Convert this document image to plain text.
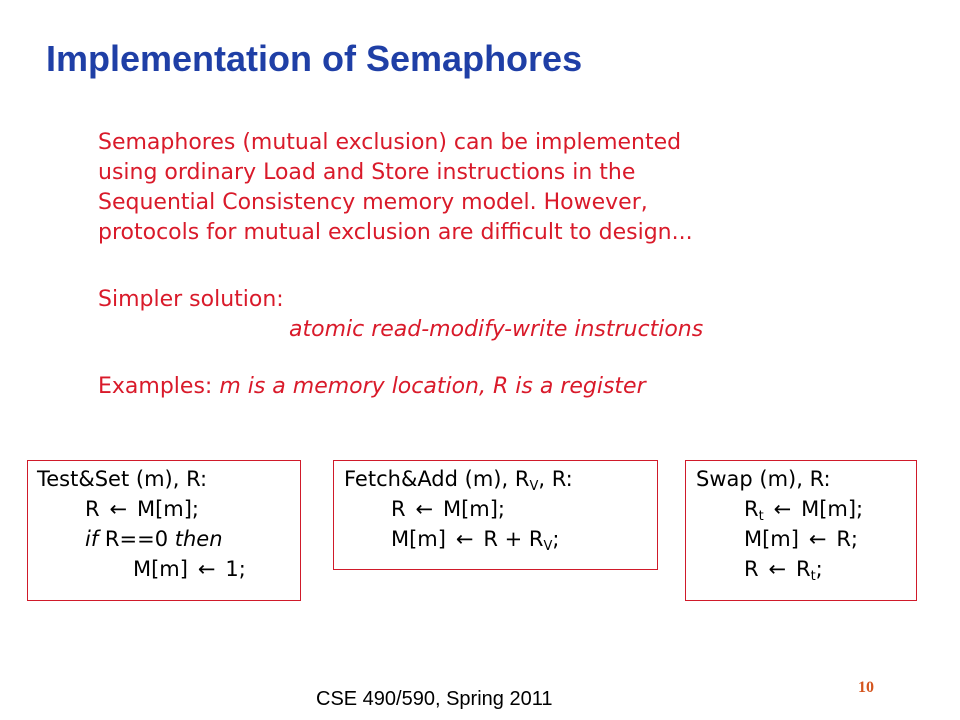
Implementation of Semaphores
Semaphores (mutual exclusion) can be implemented
using ordinary Load and Store instructions in the
Sequential Consistency memory model. However,
protocols for mutual exclusion are difficult to design...
Simpler solution:
atomic read-modify-write instructions
Examples: m is a memory location, R is a register
Test&Set (m), R:
R ← M[m];
if R==0 then
M[m] ← 1;
Fetch&Add (m), $R_V$, R:
R ← M[m];
M[m] ← $R + R_V$;
Swap (m), R:
$R_t$ ← M[m];
M[m] ← R;
R ← $R_t$;
CSE 490/590, Spring 2011
10
